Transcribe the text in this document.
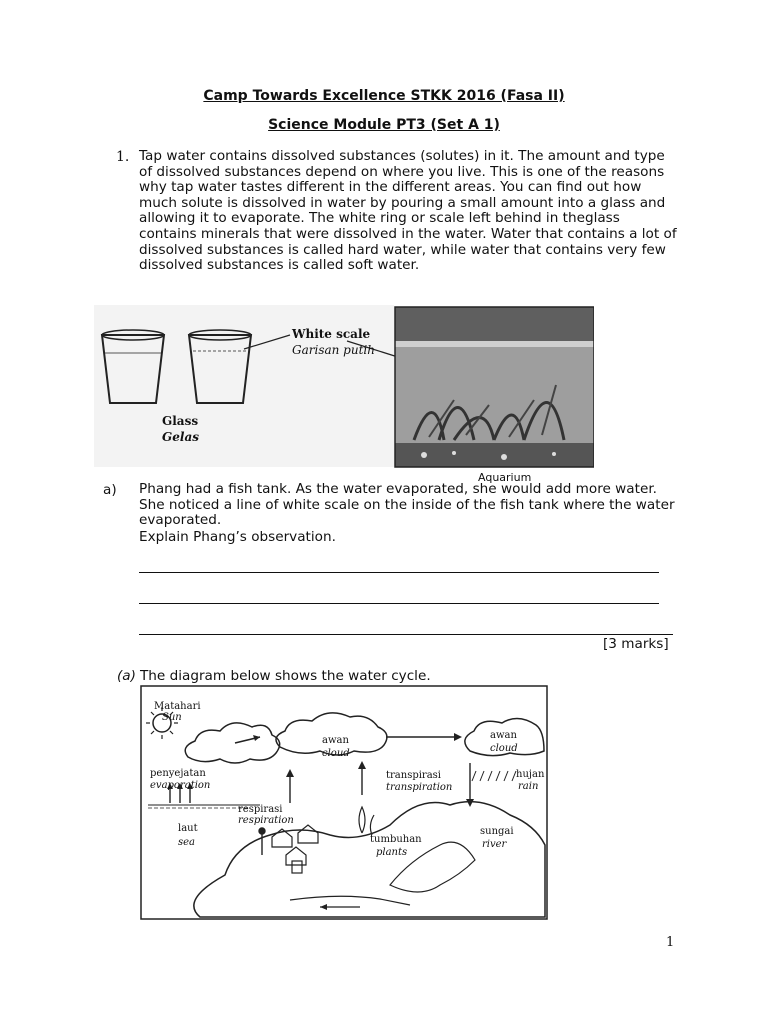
Camp Towards Excellence STKK 2016 (Fasa II)
Science Module PT3 (Set A 1)
1. Tap water contains dissolved substances (solutes) in it. The amount and type of dissolved substances depend on where you live. This is one of the reasons why tap water tastes different in the different areas. You can find out how much solute is dissolved in water by pouring a small amount into a glass and allowing it to evaporate. The white ring or scale left behind in theglass contains minerals that were dissolved in the water. Water that contains a lot of dissolved substances is called hard water, while water that contains very few dissolved substances is called soft water.
White scale
Garisan putih
Glass
Gelas
Aquarium
a) Phang had a fish tank. As the water evaporated, she would add more water. She noticed a line of white scale on the inside of the fish tank where the water evaporated.
Explain Phang’s observation.
[3 marks]
(a) The diagram below shows the water cycle.
Matahari
Sun
awan
cloud
awan
cloud
penyejatan
evaporation
transpirasi
transpiration
hujan
rain
respirasi
respiration
laut
sea	tumbuhan
plants
sungai
river
1
